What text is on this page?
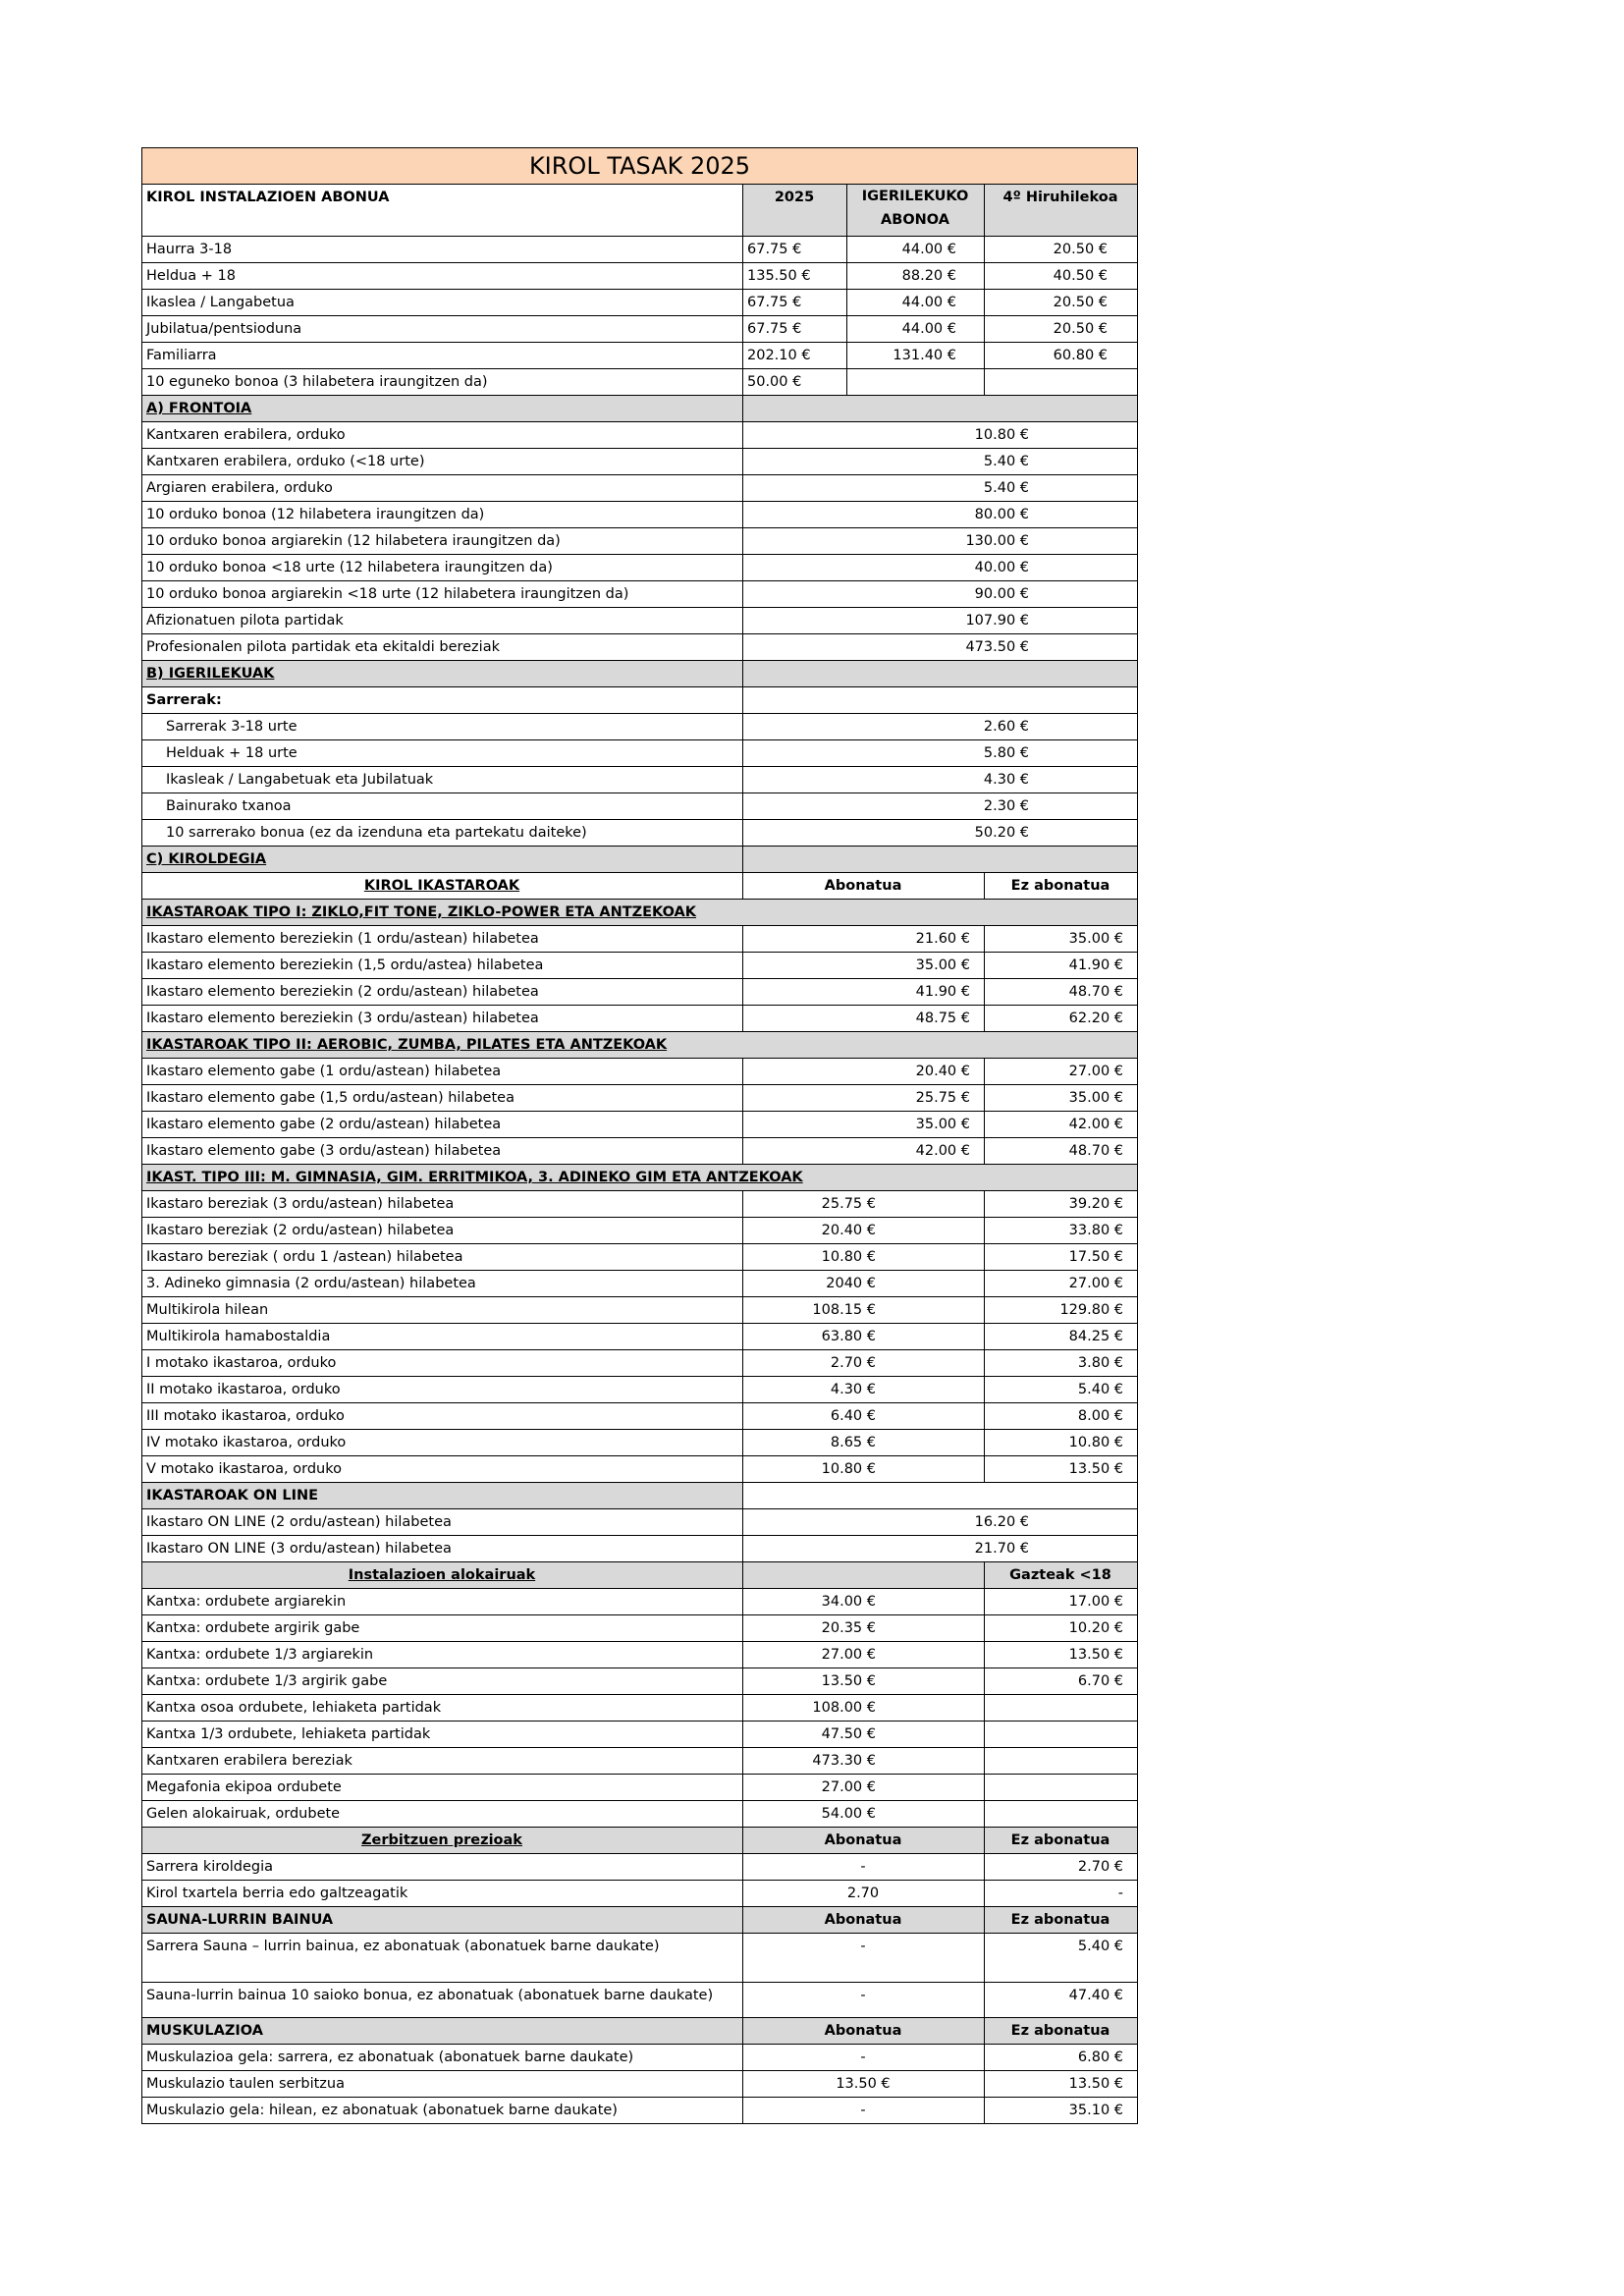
KIROL TASAK 2025			
KIROL INSTALAZIOEN ABONUA	2025	IGERILEKUKO ABONOA	4º Hiruhilekoa
Haurra 3-18	67.75 €	44.00 €	20.50 €
Heldua + 18	135.50 €	88.20 €	40.50 €
Ikaslea / Langabetua	67.75 €	44.00 €	20.50 €
Jubilatua/pentsioduna	67.75 €	44.00 €	20.50 €
Familiarra	202.10 €	131.40 €	60.80 €
10 eguneko bonoa (3 hilabetera iraungitzen da)	50.00 €		
A) FRONTOIA			
Kantxaren erabilera, orduko	10.80 €		
Kantxaren erabilera, orduko (<18 urte)	5.40 €		
Argiaren erabilera, orduko	5.40 €		
10 orduko bonoa (12 hilabetera iraungitzen da)	80.00 €		
10 orduko bonoa argiarekin (12 hilabetera iraungitzen da)	130.00 €		
10 orduko bonoa <18 urte (12 hilabetera iraungitzen da)	40.00 €		
10 orduko bonoa argiarekin <18 urte (12 hilabetera iraungitzen da)	90.00 €		
Afizionatuen pilota partidak	107.90 €		
Profesionalen pilota partidak eta ekitaldi bereziak	473.50 €		
B) IGERILEKUAK			
Sarrerak:			
Sarrerak 3-18 urte	2.60 €		
Helduak + 18 urte	5.80 €		
Ikasleak / Langabetuak eta Jubilatuak	4.30 €		
Bainurako txanoa	2.30 €		
10 sarrerako bonua (ez da izenduna eta partekatu daiteke)	50.20 €		
C) KIROLDEGIA			
KIROL IKASTAROAK	Abonatua		Ez abonatua
IKASTAROAK TIPO I: ZIKLO,FIT TONE, ZIKLO-POWER ETA ANTZEKOAK			
Ikastaro elemento bereziekin (1 ordu/astean) hilabetea	21.60 €		35.00 €
Ikastaro elemento bereziekin (1,5 ordu/astea) hilabetea	35.00 €		41.90 €
Ikastaro elemento bereziekin (2 ordu/astean) hilabetea	41.90 €		48.70 €
Ikastaro elemento bereziekin (3 ordu/astean) hilabetea	48.75 €		62.20 €
IKASTAROAK TIPO II: AEROBIC, ZUMBA, PILATES ETA ANTZEKOAK			
Ikastaro elemento gabe (1 ordu/astean) hilabetea	20.40 €		27.00 €
Ikastaro elemento gabe (1,5 ordu/astean) hilabetea	25.75 €		35.00 €
Ikastaro elemento gabe (2 ordu/astean) hilabetea	35.00 €		42.00 €
Ikastaro elemento gabe (3 ordu/astean) hilabetea	42.00 €		48.70 €
IKAST. TIPO III: M. GIMNASIA, GIM. ERRITMIKOA, 3. ADINEKO GIM ETA ANTZEKOAK			
Ikastaro bereziak (3 ordu/astean) hilabetea	25.75 €		39.20 €
Ikastaro bereziak (2 ordu/astean) hilabetea	20.40 €		33.80 €
Ikastaro bereziak ( ordu 1 /astean) hilabetea	10.80 €		17.50 €
3. Adineko gimnasia (2 ordu/astean) hilabetea	2040 €		27.00 €
Multikirola hilean	108.15 €		129.80 €
Multikirola hamabostaldia	63.80 €		84.25 €
I motako ikastaroa, orduko	2.70 €		3.80 €
II motako ikastaroa, orduko	4.30 €		5.40 €
III motako ikastaroa, orduko	6.40 €		8.00 €
IV motako ikastaroa, orduko	8.65 €		10.80 €
V motako ikastaroa, orduko	10.80 €		13.50 €
IKASTAROAK ON LINE			
Ikastaro ON LINE (2 ordu/astean) hilabetea	16.20 €		
Ikastaro ON LINE (3 ordu/astean) hilabetea	21.70 €		
Instalazioen alokairuak			Gazteak <18
Kantxa: ordubete argiarekin	34.00 €		17.00 €
Kantxa: ordubete argirik gabe	20.35 €		10.20 €
Kantxa: ordubete 1/3 argiarekin	27.00 €		13.50 €
Kantxa: ordubete 1/3 argirik gabe	13.50 €		6.70 €
Kantxa osoa ordubete, lehiaketa partidak	108.00 €		
Kantxa 1/3 ordubete, lehiaketa partidak	47.50 €		
Kantxaren erabilera bereziak	473.30 €		
Megafonia ekipoa ordubete	27.00 €		
Gelen alokairuak, ordubete	54.00 €		
Zerbitzuen prezioak	Abonatua		Ez abonatua
Sarrera kiroldegia	-		2.70 €
Kirol txartela berria edo galtzeagatik	2.70		-
SAUNA-LURRIN BAINUA	Abonatua		Ez abonatua
Sarrera Sauna – lurrin bainua, ez abonatuak (abonatuek barne daukate)	-		5.40 €
Sauna-lurrin bainua 10 saioko bonua, ez abonatuak (abonatuek barne daukate)	-		47.40 €
MUSKULAZIOA	Abonatua		Ez abonatua
Muskulazioa gela: sarrera, ez abonatuak (abonatuek barne daukate)	-		6.80 €
Muskulazio taulen serbitzua	13.50 €		13.50 €
Muskulazio gela: hilean, ez abonatuak (abonatuek barne daukate)	-		35.10 €
